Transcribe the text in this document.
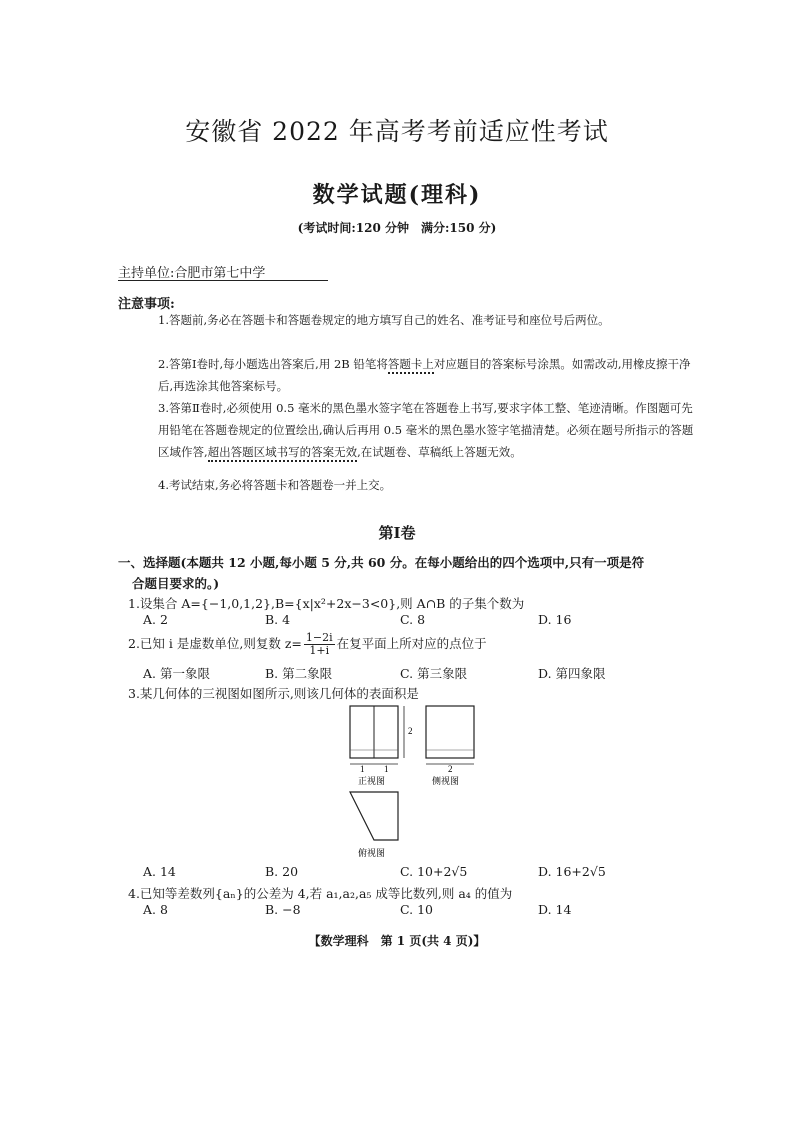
安徽省 2022 年高考考前适应性考试
数学试题(理科)
(考试时间:120 分钟　满分:150 分)
主持单位:合肥市第七中学
注意事项:
1.答题前,务必在答题卡和答题卷规定的地方填写自己的姓名、准考证号和座位号后两位。
2.答第Ⅰ卷时,每小题选出答案后,用 2B 铅笔将答题卡上对应题目的答案标号涂黑。如需改动,用橡皮擦干净后,再选涂其他答案标号。
3.答第Ⅱ卷时,必须使用 0.5 毫米的黑色墨水签字笔在答题卷上书写,要求字体工整、笔迹清晰。作图题可先用铅笔在答题卷规定的位置绘出,确认后再用 0.5 毫米的黑色墨水签字笔描清楚。必须在题号所指示的答题区域作答,超出答题区域书写的答案无效,在试题卷、草稿纸上答题无效。
4.考试结束,务必将答题卡和答题卷一并上交。
第Ⅰ卷
一、选择题(本题共 12 小题,每小题 5 分,共 60 分。在每小题给出的四个选项中,只有一项是符
合题目要求的。)
1.设集合 A={−1,0,1,2},B={x|x²+2x−3<0},则 A∩B 的子集个数为
A. 2	B. 4	C. 8	D. 16
2.已知 i 是虚数单位,则复数 $z= \frac{1-2i}{1+i}$ 在复平面上所对应的点位于
A. 第一象限	B. 第二象限	C. 第三象限	D. 第四象限
3.某几何体的三视图如图所示,则该几何体的表面积是
2
1 1	2
正视图	侧视图
俯视图
A. 14	B. 20	C. 10+2√5	D. 16+2√5
4.已知等差数列{aₙ}的公差为 4,若 a₁,a₂,a₅ 成等比数列,则 a₄ 的值为
A. 8	B. −8	C. 10	D. 14
【数学理科　第 1 页(共 4 页)】
